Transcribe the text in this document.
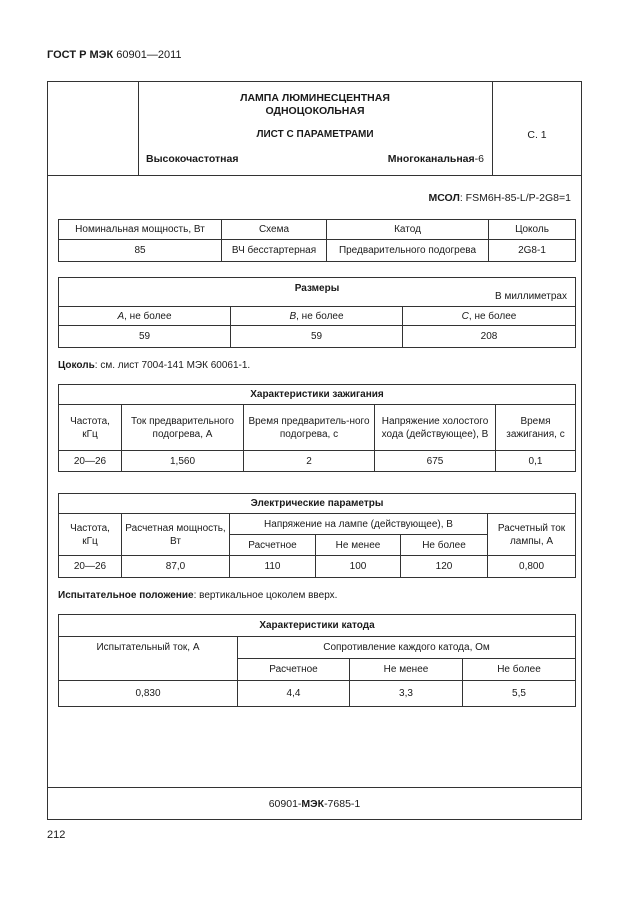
ГОСТ Р МЭК 60901—2011
ЛАМПА ЛЮМИНЕСЦЕНТНАЯ
ОДНОЦОКОЛЬНАЯ
ЛИСТ С ПАРАМЕТРАМИ
Высокочастотная	Многоканальная-6
С. 1
МСОЛ: FSM6H-85-L/P-2G8=1
Номинальная мощность, Вт	Схема	Катод	Цоколь
85	ВЧ бесстартерная	Предварительного подогрева	2G8-1
Размеры
В миллиметрах		

A, не более	B, не более	C, не более
59	59	208
Цоколь: см. лист 7004-141 МЭК 60061-1.
Характеристики зажигания				
Частота, кГц	Ток предварительного подогрева, А	Время предваритель-ного подогрева, с	Напряжение холостого хода (действующее), В	Время зажигания, с
20—26	1,560	2	675	0,1
Электрические параметры					
Частота, кГц	Расчетная мощность, Вт	Напряжение на лампе (действующее), В			Расчетный ток лампы, А
		Расчетное	Не менее	Не более	
20—26	87,0	110	100	120	0,800
Испытательное положение: вертикальное цоколем вверх.
Характеристики катода			
Испытательный ток, А	Сопротивление каждого катода, Ом		
	Расчетное	Не менее	Не более
0,830	4,4	3,3	5,5
60901-МЭК-7685-1
212
